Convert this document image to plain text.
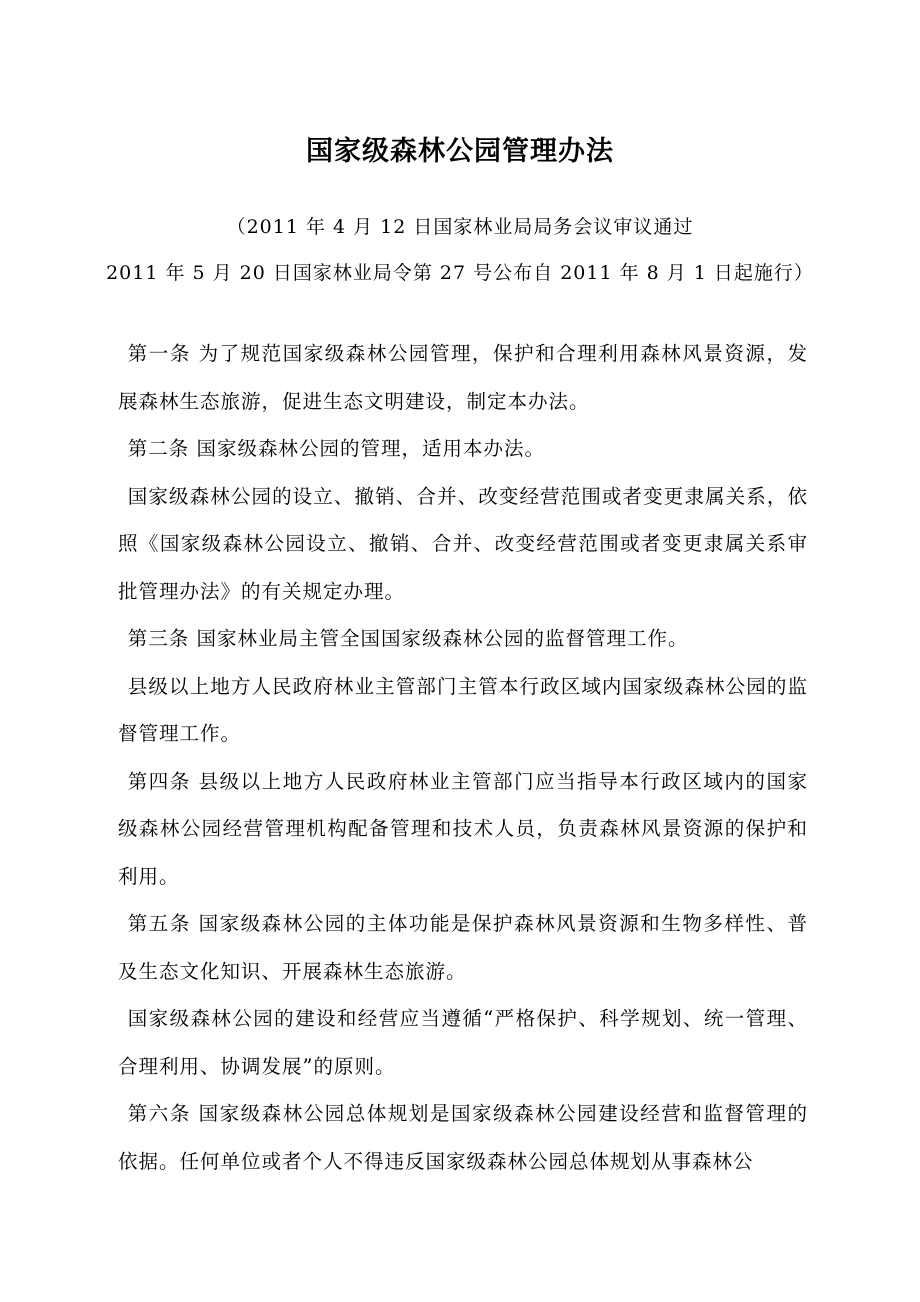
国家级森林公园管理办法
（2011 年 4 月 12 日国家林业局局务会议审议通过
2011 年 5 月 20 日国家林业局令第 27 号公布自 2011 年 8 月 1 日起施行）

第一条 为了规范国家级森林公园管理，保护和合理利用森林风景资源，发展森林生态旅游，促进生态文明建设，制定本办法。

第二条 国家级森林公园的管理，适用本办法。

国家级森林公园的设立、撤销、合并、改变经营范围或者变更隶属关系，依照《国家级森林公园设立、撤销、合并、改变经营范围或者变更隶属关系审批管理办法》的有关规定办理。

第三条 国家林业局主管全国国家级森林公园的监督管理工作。

县级以上地方人民政府林业主管部门主管本行政区域内国家级森林公园的监督管理工作。

第四条 县级以上地方人民政府林业主管部门应当指导本行政区域内的国家级森林公园经营管理机构配备管理和技术人员，负责森林风景资源的保护和利用。

第五条 国家级森林公园的主体功能是保护森林风景资源和生物多样性、普及生态文化知识、开展森林生态旅游。

国家级森林公园的建设和经营应当遵循“严格保护、科学规划、统一管理、合理利用、协调发展”的原则。

第六条 国家级森林公园总体规划是国家级森林公园建设经营和监督管理的依据。任何单位或者个人不得违反国家级森林公园总体规划从事森林公
